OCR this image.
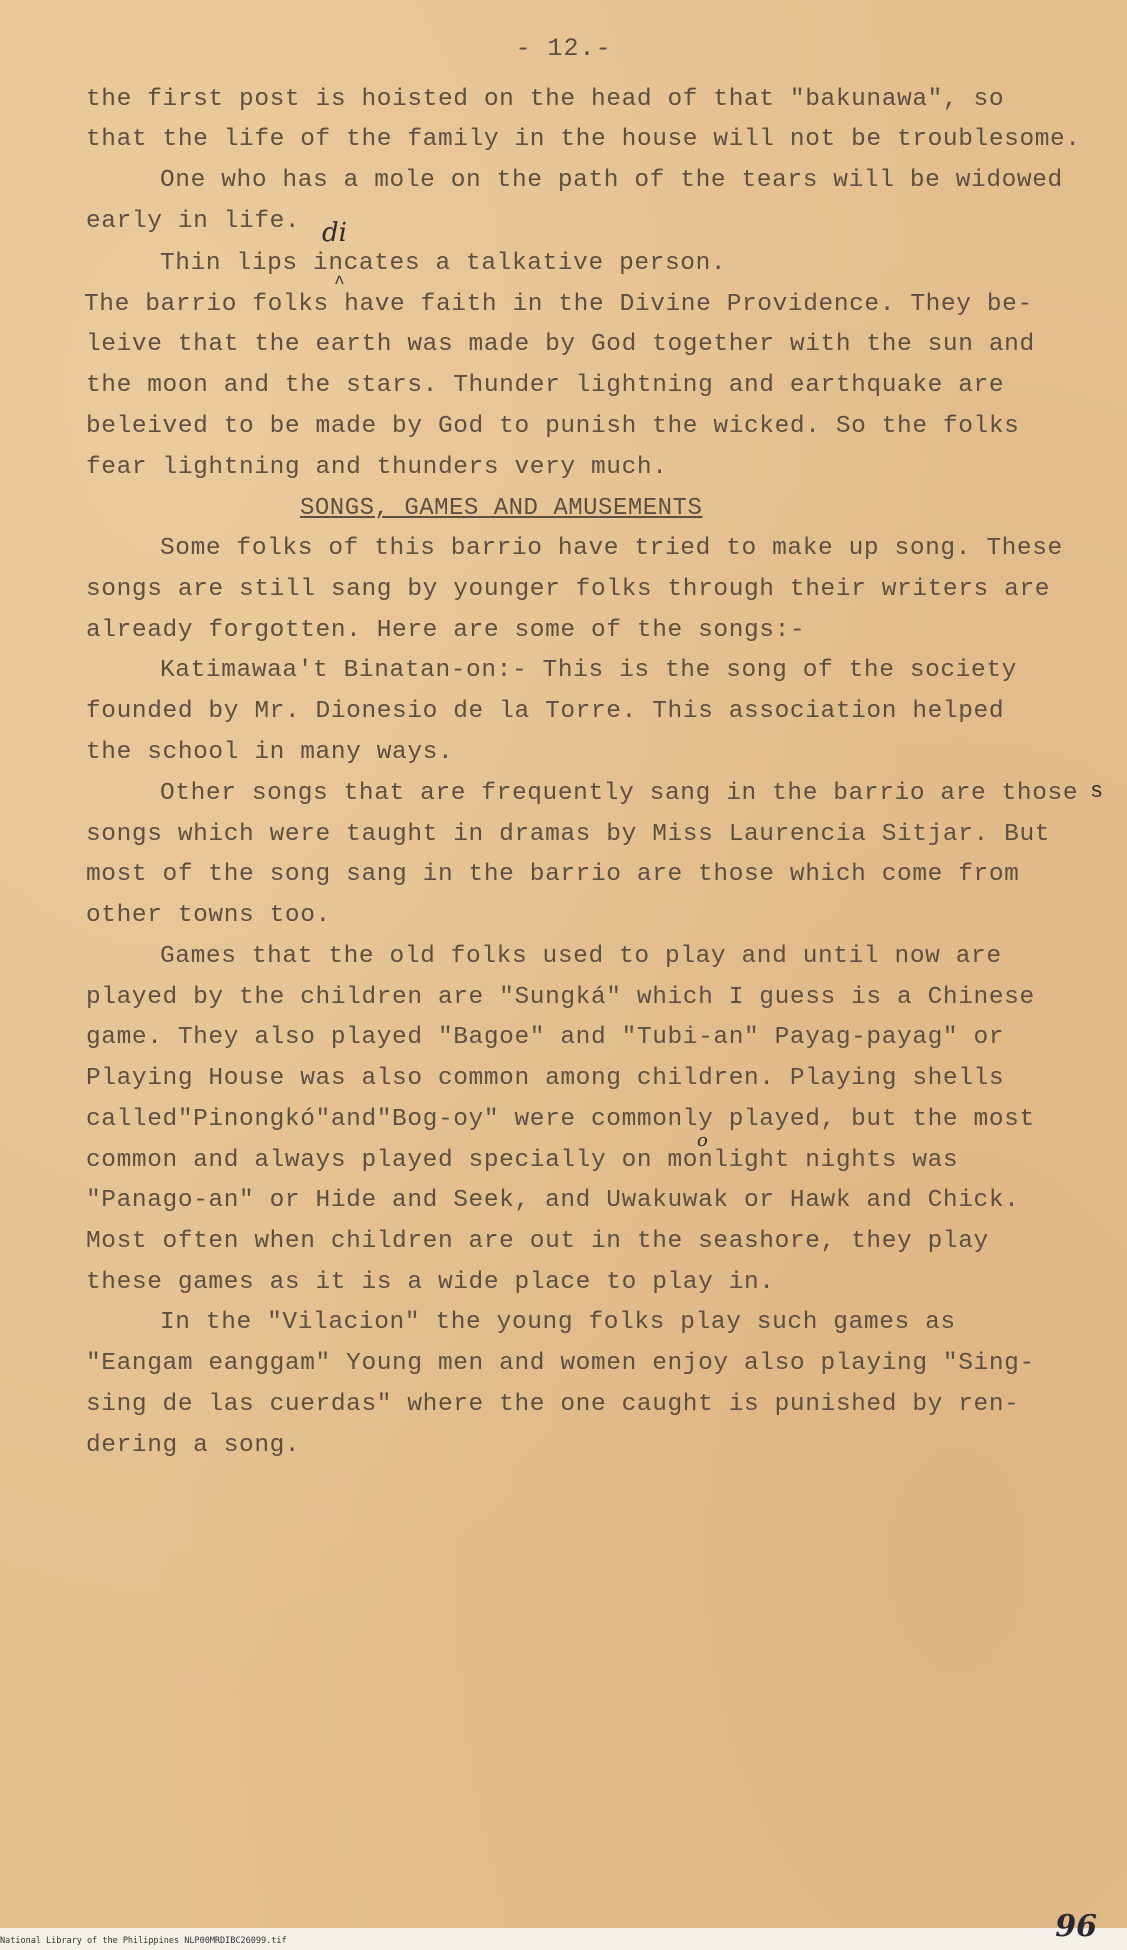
- 12.-
the first post is hoisted on the head of that "bakunawa", so
that the life of the family in the house will not be troublesome.
One who has a mole on the path of the tears will be widowed
early in life. di
^
Thin lips incates a talkative person.
The barrio folks have faith in the Divine Providence. They be-
leive that the earth was made by God together with the sun and
the moon and the stars. Thunder lightning and earthquake are
beleived to be made by God to punish the wicked. So the folks
fear lightning and thunders very much.
SONGS, GAMES AND AMUSEMENTS
Some folks of this barrio have tried to make up song. These
songs are still sang by younger folks through their writers are
already forgotten. Here are some of the songs:-
Katimawaa't Binatan-on:- This is the song of the society
founded by Mr. Dionesio de la Torre. This association helped
the school in many ways.
Other songs that are frequently sang in the barrio are those s
songs which were taught in dramas by Miss Laurencia Sitjar. But
most of the song sang in the barrio are those which come from
other towns too.
Games that the old folks used to play and until now are
played by the children are "Sungká" which I guess is a Chinese
game. They also played "Bagoe" and "Tubi-an" Payag-payag" or
Playing House was also common among children. Playing shells
called"Pinongkó"and"Bog-oy" were commonly played, but the most
o
common and always played specially on monlight nights was
"Panago-an" or Hide and Seek, and Uwakuwak or Hawk and Chick.
Most often when children are out in the seashore, they play
these games as it is a wide place to play in.
In the "Vilacion" the young folks play such games as
"Eangam eanggam" Young men and women enjoy also playing "Sing-
sing de las cuerdas" where the one caught is punished by ren-
dering a song.
National Library of the Philippines NLP00MRDIBC26099.tif	96
